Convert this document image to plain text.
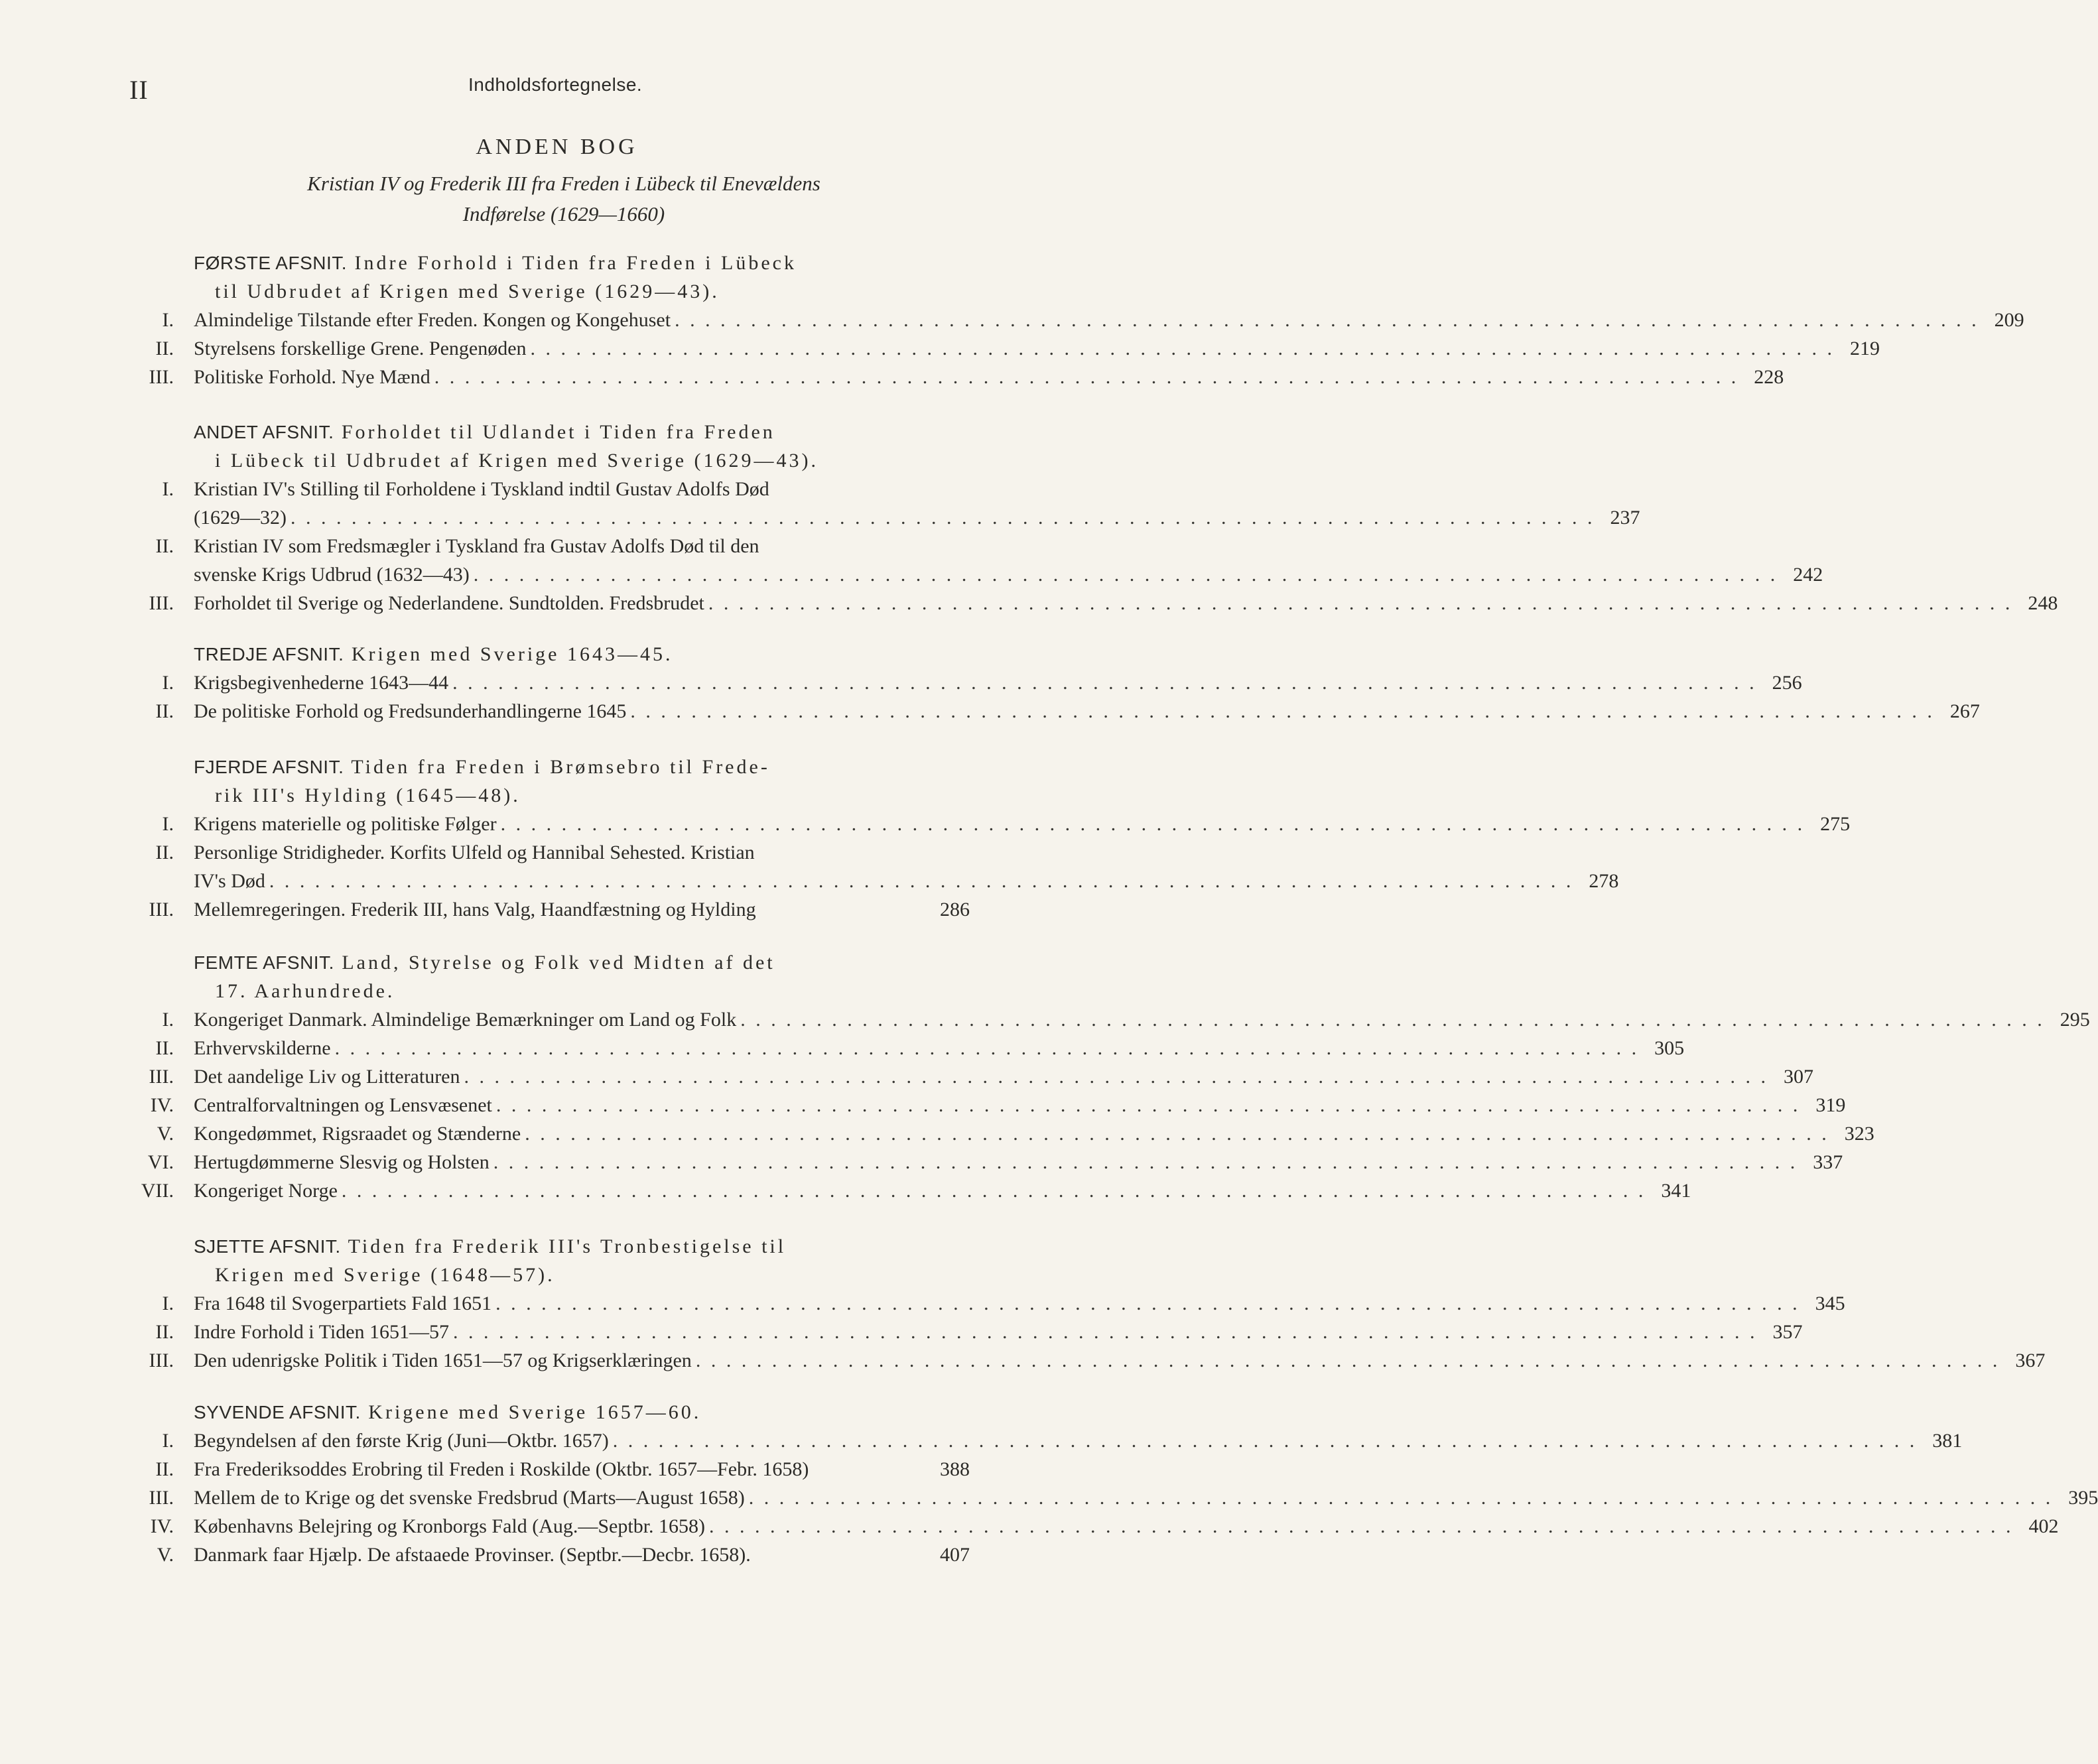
II	Indholdsfortegnelse.
ANDEN BOG
Kristian IV og Frederik III fra Freden i Lübeck til Enevældens
Indførelse (1629—1660)
FØRSTE AFSNIT. Indre Forhold i Tiden fra Freden i Lübeck
til Udbrudet af Krigen med Sverige (1629—43).
I. Almindelige Tilstande efter Freden. Kongen og Kongehuset . . . . . . . . . . . . . . . . . . . . . . . . . . . . . . . . . . . . . . . . . . . . . . . . . . . . . . . . . . . . . . . . . . . . . . . . . . . . . . . . . . . . . . 209
II. Styrelsens forskellige Grene. Pengenøden . . . . . . . . . . . . . . . . . . . . . . . . . . . . . . . . . . . . . . . . . . . . . . . . . . . . . . . . . . . . . . . . . . . . . . . . . . . . . . . . . . . . . . 219
III. Politiske Forhold. Nye Mænd . . . . . . . . . . . . . . . . . . . . . . . . . . . . . . . . . . . . . . . . . . . . . . . . . . . . . . . . . . . . . . . . . . . . . . . . . . . . . . . . . . . . . . 228
ANDET AFSNIT. Forholdet til Udlandet i Tiden fra Freden
i Lübeck til Udbrudet af Krigen med Sverige (1629—43).
I. Kristian IV's Stilling til Forholdene i Tyskland indtil Gustav Adolfs Død
(1629—32) . . . . . . . . . . . . . . . . . . . . . . . . . . . . . . . . . . . . . . . . . . . . . . . . . . . . . . . . . . . . . . . . . . . . . . . . . . . . . . . . . . . . . . 237
II. Kristian IV som Fredsmægler i Tyskland fra Gustav Adolfs Død til den
svenske Krigs Udbrud (1632—43) . . . . . . . . . . . . . . . . . . . . . . . . . . . . . . . . . . . . . . . . . . . . . . . . . . . . . . . . . . . . . . . . . . . . . . . . . . . . . . . . . . . . . . 242
III. Forholdet til Sverige og Nederlandene. Sundtolden. Fredsbrudet . . . . . . . . . . . . . . . . . . . . . . . . . . . . . . . . . . . . . . . . . . . . . . . . . . . . . . . . . . . . . . . . . . . . . . . . . . . . . . . . . . . . . . 248
TREDJE AFSNIT. Krigen med Sverige 1643—45.
I. Krigsbegivenhederne 1643—44 . . . . . . . . . . . . . . . . . . . . . . . . . . . . . . . . . . . . . . . . . . . . . . . . . . . . . . . . . . . . . . . . . . . . . . . . . . . . . . . . . . . . . . 256
II. De politiske Forhold og Fredsunderhandlingerne 1645 . . . . . . . . . . . . . . . . . . . . . . . . . . . . . . . . . . . . . . . . . . . . . . . . . . . . . . . . . . . . . . . . . . . . . . . . . . . . . . . . . . . . . . 267
FJERDE AFSNIT. Tiden fra Freden i Brømsebro til Frede-
rik III's Hylding (1645—48).
I. Krigens materielle og politiske Følger . . . . . . . . . . . . . . . . . . . . . . . . . . . . . . . . . . . . . . . . . . . . . . . . . . . . . . . . . . . . . . . . . . . . . . . . . . . . . . . . . . . . . . 275
II. Personlige Stridigheder. Korfits Ulfeld og Hannibal Sehested. Kristian
IV's Død . . . . . . . . . . . . . . . . . . . . . . . . . . . . . . . . . . . . . . . . . . . . . . . . . . . . . . . . . . . . . . . . . . . . . . . . . . . . . . . . . . . . . . 278
III. Mellemregeringen. Frederik III, hans Valg, Haandfæstning og Hylding	286
FEMTE AFSNIT. Land, Styrelse og Folk ved Midten af det
17. Aarhundrede.
I. Kongeriget Danmark. Almindelige Bemærkninger om Land og Folk . . . . . . . . . . . . . . . . . . . . . . . . . . . . . . . . . . . . . . . . . . . . . . . . . . . . . . . . . . . . . . . . . . . . . . . . . . . . . . . . . . . . . . 295
II. Erhvervskilderne . . . . . . . . . . . . . . . . . . . . . . . . . . . . . . . . . . . . . . . . . . . . . . . . . . . . . . . . . . . . . . . . . . . . . . . . . . . . . . . . . . . . . . 305
III. Det aandelige Liv og Litteraturen . . . . . . . . . . . . . . . . . . . . . . . . . . . . . . . . . . . . . . . . . . . . . . . . . . . . . . . . . . . . . . . . . . . . . . . . . . . . . . . . . . . . . . 307
IV. Centralforvaltningen og Lensvæsenet . . . . . . . . . . . . . . . . . . . . . . . . . . . . . . . . . . . . . . . . . . . . . . . . . . . . . . . . . . . . . . . . . . . . . . . . . . . . . . . . . . . . . . 319
V. Kongedømmet, Rigsraadet og Stænderne . . . . . . . . . . . . . . . . . . . . . . . . . . . . . . . . . . . . . . . . . . . . . . . . . . . . . . . . . . . . . . . . . . . . . . . . . . . . . . . . . . . . . . 323
VI. Hertugdømmerne Slesvig og Holsten . . . . . . . . . . . . . . . . . . . . . . . . . . . . . . . . . . . . . . . . . . . . . . . . . . . . . . . . . . . . . . . . . . . . . . . . . . . . . . . . . . . . . . 337
VII. Kongeriget Norge . . . . . . . . . . . . . . . . . . . . . . . . . . . . . . . . . . . . . . . . . . . . . . . . . . . . . . . . . . . . . . . . . . . . . . . . . . . . . . . . . . . . . . 341
SJETTE AFSNIT. Tiden fra Frederik III's Tronbestigelse til
Krigen med Sverige (1648—57).
I. Fra 1648 til Svogerpartiets Fald 1651 . . . . . . . . . . . . . . . . . . . . . . . . . . . . . . . . . . . . . . . . . . . . . . . . . . . . . . . . . . . . . . . . . . . . . . . . . . . . . . . . . . . . . . 345
II. Indre Forhold i Tiden 1651—57 . . . . . . . . . . . . . . . . . . . . . . . . . . . . . . . . . . . . . . . . . . . . . . . . . . . . . . . . . . . . . . . . . . . . . . . . . . . . . . . . . . . . . . 357
III. Den udenrigske Politik i Tiden 1651—57 og Krigserklæringen . . . . . . . . . . . . . . . . . . . . . . . . . . . . . . . . . . . . . . . . . . . . . . . . . . . . . . . . . . . . . . . . . . . . . . . . . . . . . . . . . . . . . . 367
SYVENDE AFSNIT. Krigene med Sverige 1657—60.
I. Begyndelsen af den første Krig (Juni—Oktbr. 1657) . . . . . . . . . . . . . . . . . . . . . . . . . . . . . . . . . . . . . . . . . . . . . . . . . . . . . . . . . . . . . . . . . . . . . . . . . . . . . . . . . . . . . . 381
II. Fra Frederiksoddes Erobring til Freden i Roskilde (Oktbr. 1657—Febr. 1658)	388
III. Mellem de to Krige og det svenske Fredsbrud (Marts—August 1658) . . . . . . . . . . . . . . . . . . . . . . . . . . . . . . . . . . . . . . . . . . . . . . . . . . . . . . . . . . . . . . . . . . . . . . . . . . . . . . . . . . . . . . 395
IV. Københavns Belejring og Kronborgs Fald (Aug.—Septbr. 1658) . . . . . . . . . . . . . . . . . . . . . . . . . . . . . . . . . . . . . . . . . . . . . . . . . . . . . . . . . . . . . . . . . . . . . . . . . . . . . . . . . . . . . . 402
V. Danmark faar Hjælp. De afstaaede Provinser. (Septbr.—Decbr. 1658).	407
